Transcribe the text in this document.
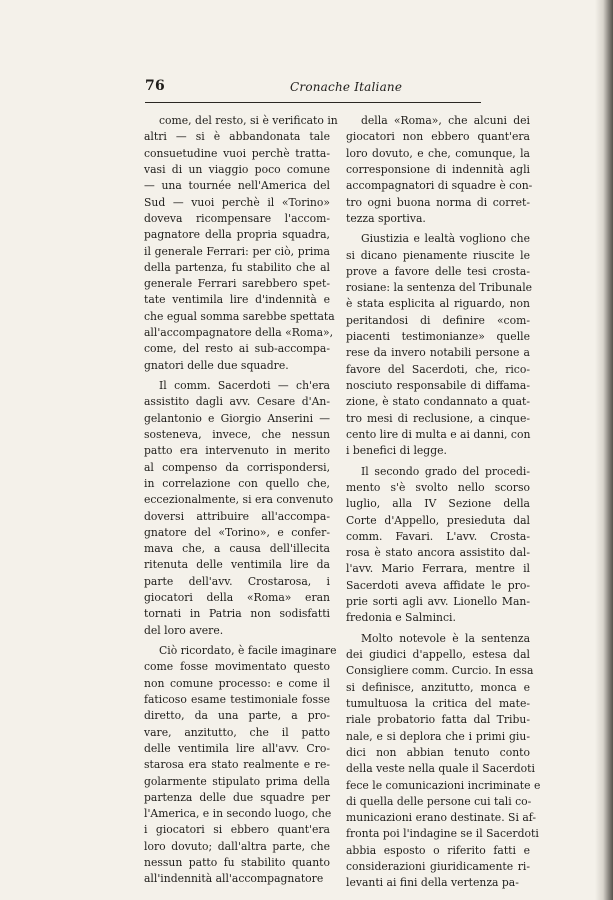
76	Cronache Italiane
come, del resto, si è verificato in
altri — si è abbandonata tale
consuetudine vuoi perchè tratta-
vasi di un viaggio poco comune
— una tournée nell'America del
Sud — vuoi perchè il «Torino»
doveva ricompensare l'accom-
pagnatore della propria squadra,
il generale Ferrari: per ciò, prima
della partenza, fu stabilito che al
generale Ferrari sarebbero spet-
tate ventimila lire d'indennità e
che egual somma sarebbe spettata
all'accompagnatore della «Roma»,
come, del resto ai sub-accompa-
gnatori delle due squadre.
Il comm. Sacerdoti — ch'era
assistito dagli avv. Cesare d'An-
gelantonio e Giorgio Anserini —
sosteneva, invece, che nessun
patto era intervenuto in merito
al compenso da corrispondersi,
in correlazione con quello che,
eccezionalmente, si era convenuto
doversi attribuire all'accompa-
gnatore del «Torino», e confer-
mava che, a causa dell'illecita
ritenuta delle ventimila lire da
parte dell'avv. Crostarosa, i
giocatori della «Roma» eran
tornati in Patria non sodisfatti
del loro avere.
Ciò ricordato, è facile imaginare
come fosse movimentato questo
non comune processo: e come il
faticoso esame testimoniale fosse
diretto, da una parte, a pro-
vare, anzitutto, che il patto
delle ventimila lire all'avv. Cro-
starosa era stato realmente e re-
golarmente stipulato prima della
partenza delle due squadre per
l'America, e in secondo luogo, che
i giocatori si ebbero quant'era
loro dovuto; dall'altra parte, che
nessun patto fu stabilito quanto
all'indennità all'accompagnatore
della «Roma», che alcuni dei
giocatori non ebbero quant'era
loro dovuto, e che, comunque, la
corresponsione di indennità agli
accompagnatori di squadre è con-
tro ogni buona norma di corret-
tezza sportiva.
Giustizia e lealtà vogliono che
si dicano pienamente riuscite le
prove a favore delle tesi crosta-
rosiane: la sentenza del Tribunale
è stata esplicita al riguardo, non
peritandosi di definire «com-
piacenti testimonianze» quelle
rese da invero notabili persone a
favore del Sacerdoti, che, rico-
nosciuto responsabile di diffama-
zione, è stato condannato a quat-
tro mesi di reclusione, a cinque-
cento lire di multa e ai danni, con
i benefici di legge.
Il secondo grado del procedi-
mento s'è svolto nello scorso
luglio, alla IV Sezione della
Corte d'Appello, presieduta dal
comm. Favari. L'avv. Crosta-
rosa è stato ancora assistito dal-
l'avv. Mario Ferrara, mentre il
Sacerdoti aveva affidate le pro-
prie sorti agli avv. Lionello Man-
fredonia e Salminci.
Molto notevole è la sentenza
dei giudici d'appello, estesa dal
Consigliere comm. Curcio. In essa
si definisce, anzitutto, monca e
tumultuosa la critica del mate-
riale probatorio fatta dal Tribu-
nale, e si deplora che i primi giu-
dici non abbian tenuto conto
della veste nella quale il Sacerdoti
fece le comunicazioni incriminate e
di quella delle persone cui tali co-
municazioni erano destinate. Si af-
fronta poi l'indagine se il Sacerdoti
abbia esposto o riferito fatti e
considerazioni giuridicamente ri-
levanti ai fini della vertenza pa-
